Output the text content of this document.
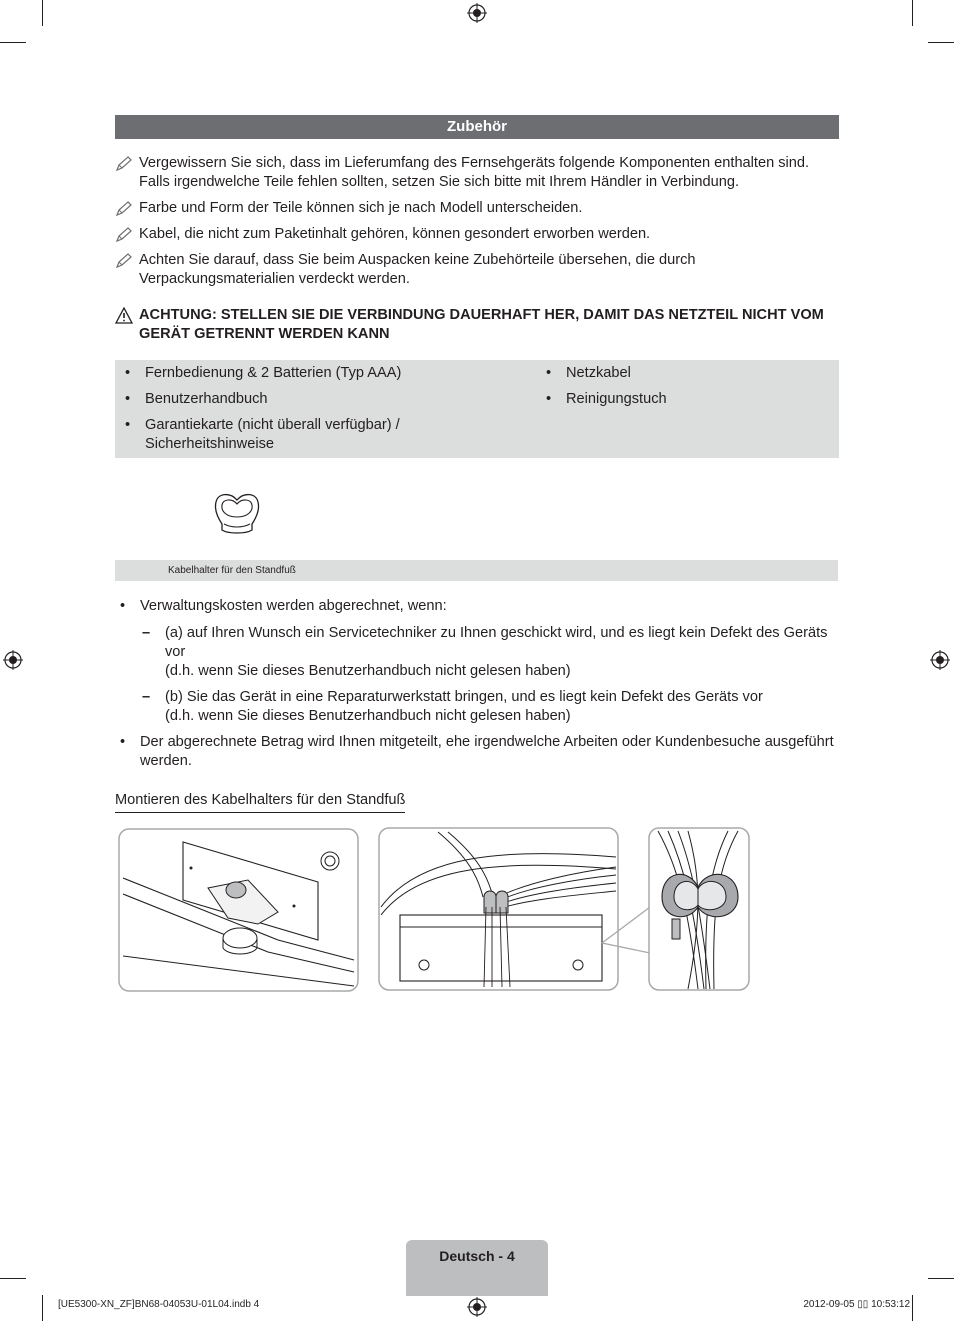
Zubehör
Vergewissern Sie sich, dass im Lieferumfang des Fernsehgeräts folgende Komponenten enthalten sind. Falls irgendwelche Teile fehlen sollten, setzen Sie sich bitte mit Ihrem Händler in Verbindung.
Farbe und Form der Teile können sich je nach Modell unterscheiden.
Kabel, die nicht zum Paketinhalt gehören, können gesondert erworben werden.
Achten Sie darauf, dass Sie beim Auspacken keine Zubehörteile übersehen, die durch Verpackungsmaterialien verdeckt werden.
ACHTUNG: STELLEN SIE DIE VERBINDUNG DAUERHAFT HER, DAMIT DAS NETZTEIL NICHT VOM GERÄT GETRENNT WERDEN KANN
• Fernbedienung & 2 Batterien (Typ AAA)
• Benutzerhandbuch
• Garantiekarte (nicht überall verfügbar) / Sicherheitshinweise
• Netzkabel
• Reinigungstuch
Kabelhalter für den Standfuß
• Verwaltungskosten werden abgerechnet, wenn:
– (a) auf Ihren Wunsch ein Servicetechniker zu Ihnen geschickt wird, und es liegt kein Defekt des Geräts vor
(d.h. wenn Sie dieses Benutzerhandbuch nicht gelesen haben)
– (b) Sie das Gerät in eine Reparaturwerkstatt bringen, und es liegt kein Defekt des Geräts vor
(d.h. wenn Sie dieses Benutzerhandbuch nicht gelesen haben)
• Der abgerechnete Betrag wird Ihnen mitgeteilt, ehe irgendwelche Arbeiten oder Kundenbesuche ausgeführt werden.
Montieren des Kabelhalters für den Standfuß
Deutsch - 4
[UE5300-XN_ZF]BN68-04053U-01L04.indb 4	2012-09-05 ▯▯ 10:53:12
